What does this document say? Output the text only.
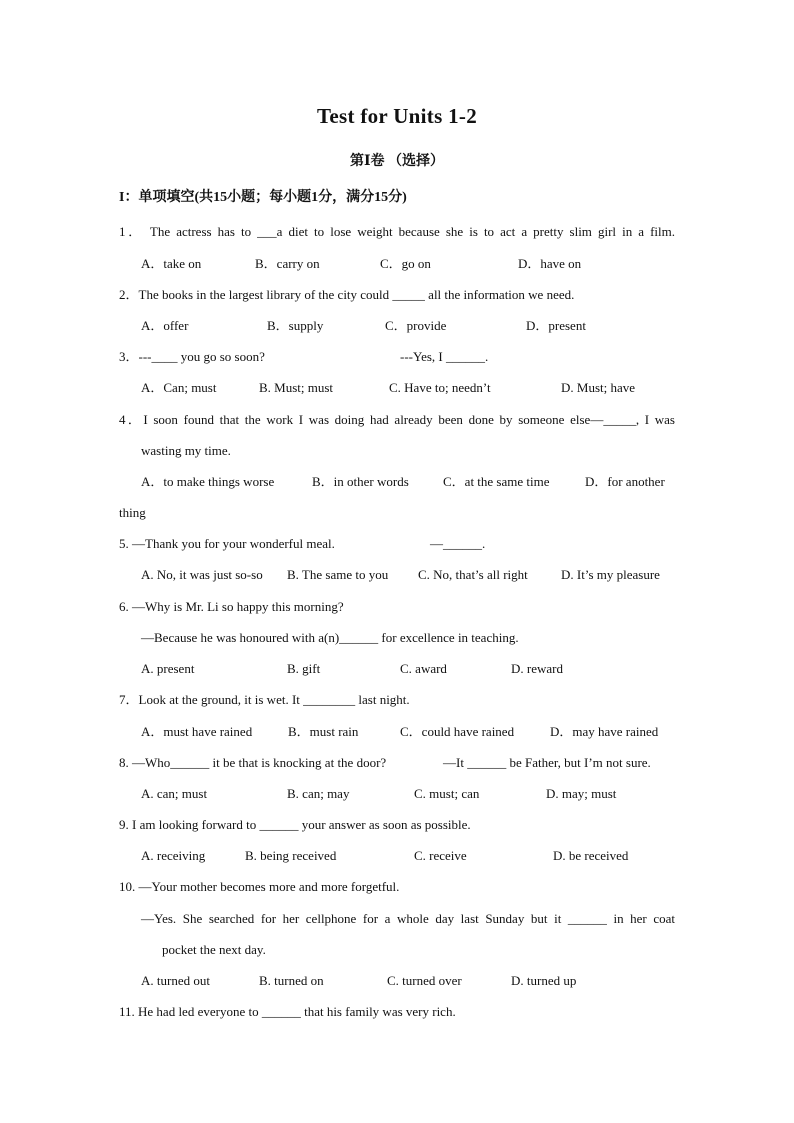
Test for Units 1-2
第Ⅰ卷 （选择）
I：单项填空(共15小题；每小题1分，满分15分)
1． The actress has to ___a diet to lose weight because she is to act a pretty slim girl in a film.
A．take on	B．carry on	C．go on	D．have on
2．The books in the largest library of the city could _____ all the information we need.
A．offer	B．supply	C．provide	D．present
3．---____ you go so soon?	---Yes, I ______.
A．Can; must	B. Must; must	C. Have to; needn’t	D. Must; have
4．I soon found that the work I was doing had already been done by someone else—_____, I was
wasting my time.
A．to make things worse	B．in other words	C．at the same time	D．for another
thing
5. —Thank you for your wonderful meal.	—______.
A. No, it was just so-so B. The same to you C. No, that’s all right	D. It’s my pleasure
6. —Why is Mr. Li so happy this morning?
—Because he was honoured with a(n)______ for excellence in teaching.
A. present	B. gift	C. award	D. reward
7．Look at the ground, it is wet. It ________ last night.
A．must have rained	B．must rain	C．could have rained	D．may have rained
8. —Who______ it be that is knocking at the door?	—It ______ be Father, but I’m not sure.
A. can; must	B. can; may	C. must; can	D. may; must
9. I am looking forward to ______ your answer as soon as possible.
A. receiving	B. being received	C. receive	D. be received
10. —Your mother becomes more and more forgetful.
—Yes. She searched for her cellphone for a whole day last Sunday but it ______ in her coat
pocket the next day.
A. turned out	B. turned on	C. turned over	D. turned up
11. He had led everyone to ______ that his family was very rich.
